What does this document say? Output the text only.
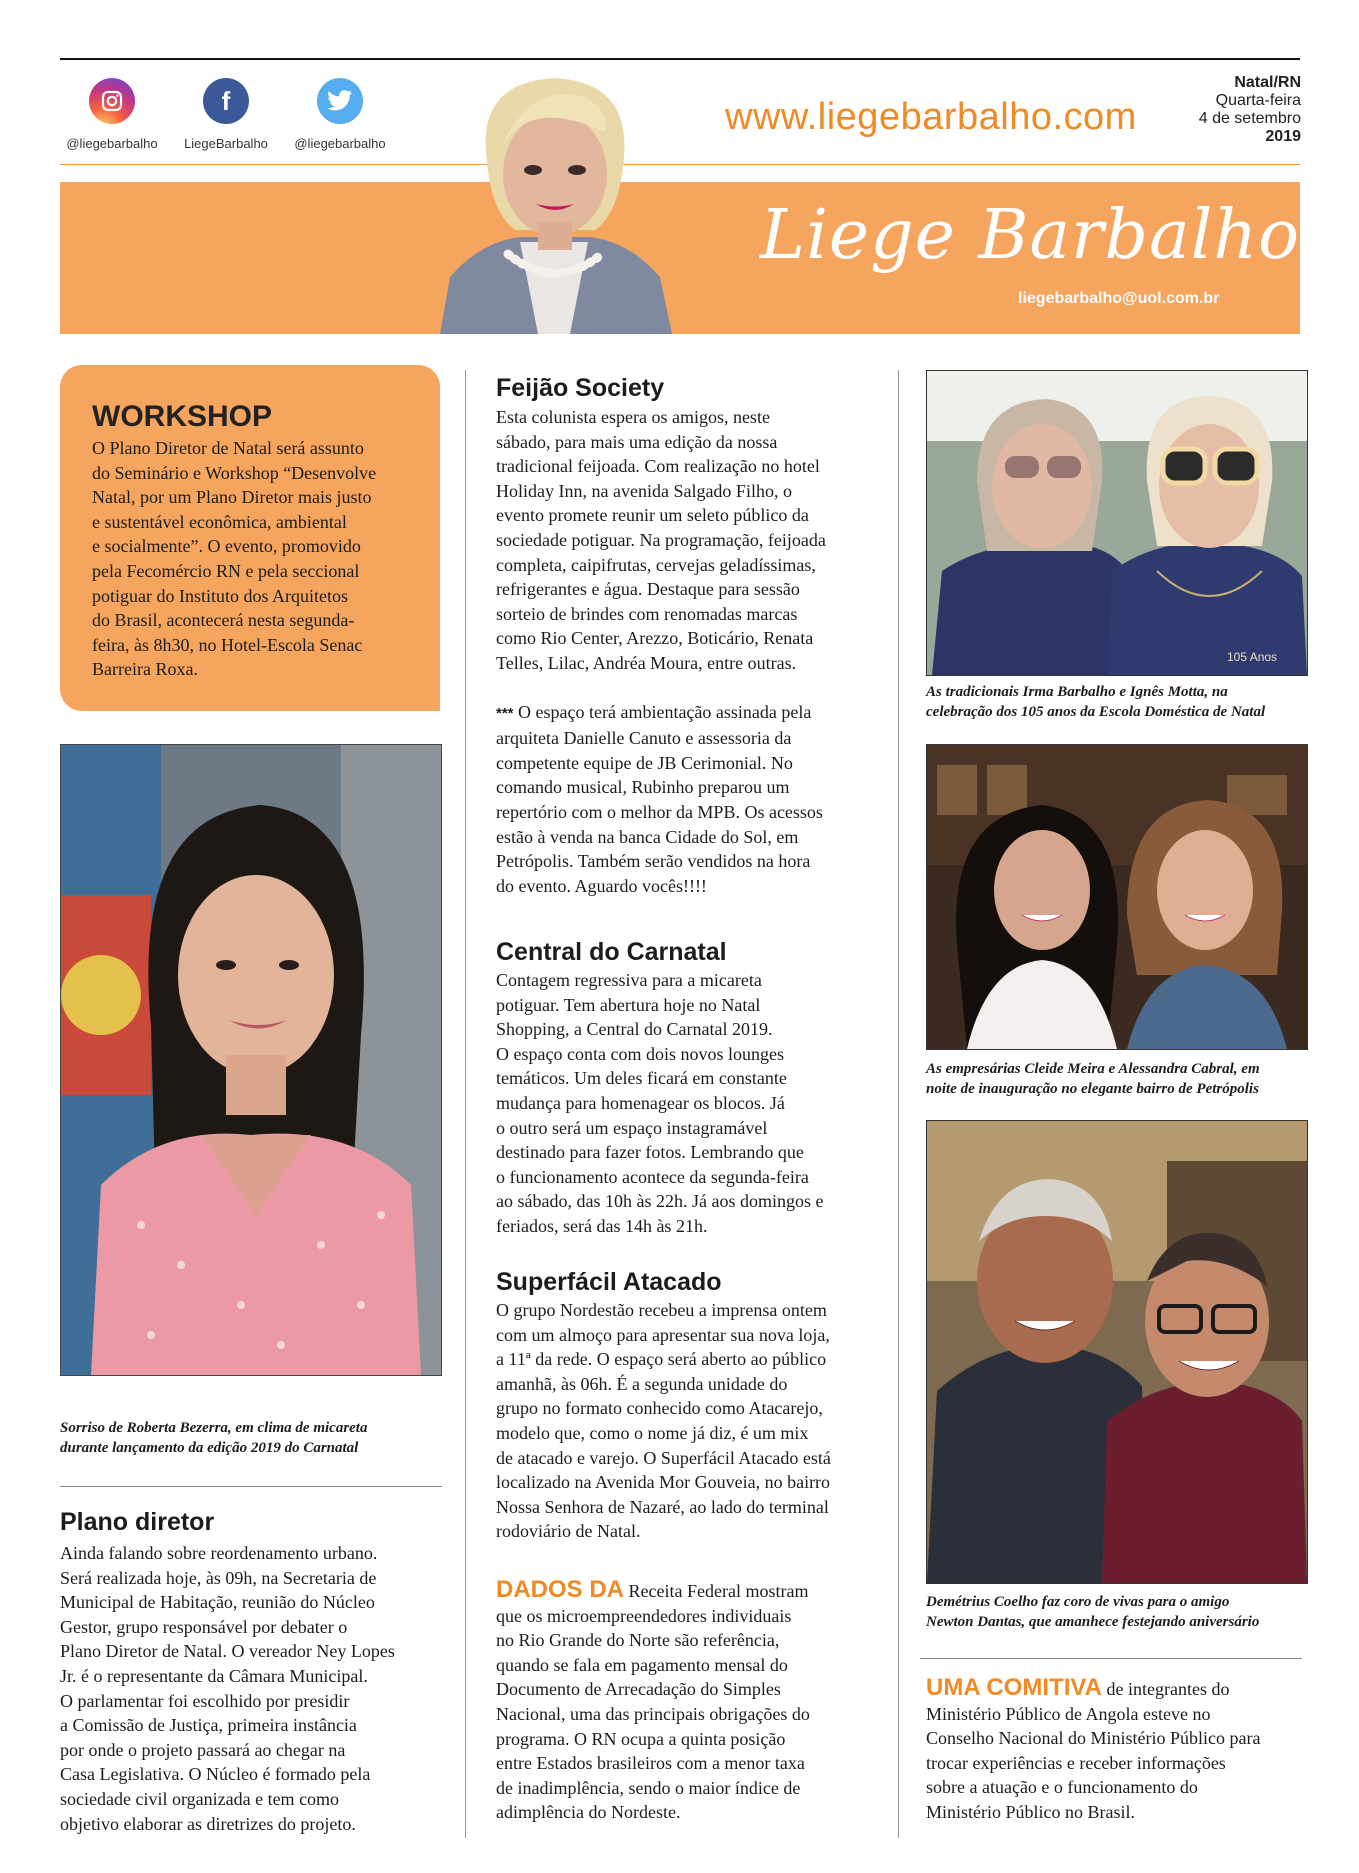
@liegebarbalho
f
LiegeBarbalho	@liegebarbalho
www.liegebarbalho.com
Natal/RN
Quarta-feira
4 de setembro
2019
Liege Barbalho
liegebarbalho@uol.com.br
WORKSHOP
O Plano Diretor de Natal será assunto
do Seminário e Workshop “Desenvolve
Natal, por um Plano Diretor mais justo
e sustentável econômica, ambiental
e socialmente”. O evento, promovido
pela Fecomércio RN e pela seccional
potiguar do Instituto dos Arquitetos
do Brasil, acontecerá nesta segunda-
feira, às 8h30, no Hotel-Escola Senac
Barreira Roxa.
Sorriso de Roberta Bezerra, em clima de micareta
durante lançamento da edição 2019 do Carnatal
Plano diretor
Ainda falando sobre reordenamento urbano.
Será realizada hoje, às 09h, na Secretaria de
Municipal de Habitação, reunião do Núcleo
Gestor, grupo responsável por debater o
Plano Diretor de Natal. O vereador Ney Lopes
Jr. é o representante da Câmara Municipal.
O parlamentar foi escolhido por presidir
a Comissão de Justiça, primeira instância
por onde o projeto passará ao chegar na
Casa Legislativa. O Núcleo é formado pela
sociedade civil organizada e tem como
objetivo elaborar as diretrizes do projeto.
Feijão Society
Esta colunista espera os amigos, neste
sábado, para mais uma edição da nossa
tradicional feijoada. Com realização no hotel
Holiday Inn, na avenida Salgado Filho, o
evento promete reunir um seleto público da
sociedade potiguar. Na programação, feijoada
completa, caipifrutas, cervejas geladíssimas,
refrigerantes e água. Destaque para sessão
sorteio de brindes com renomadas marcas
como Rio Center, Arezzo, Boticário, Renata
Telles, Lilac, Andréa Moura, entre outras.
*** O espaço terá ambientação assinada pela
arquiteta Danielle Canuto e assessoria da
competente equipe de JB Cerimonial. No
comando musical, Rubinho preparou um
repertório com o melhor da MPB. Os acessos
estão à venda na banca Cidade do Sol, em
Petrópolis. Também serão vendidos na hora
do evento. Aguardo vocês!!!!
Central do Carnatal
Contagem regressiva para a micareta
potiguar. Tem abertura hoje no Natal
Shopping, a Central do Carnatal 2019.
O espaço conta com dois novos lounges
temáticos. Um deles ficará em constante
mudança para homenagear os blocos. Já
o outro será um espaço instagramável
destinado para fazer fotos. Lembrando que
o funcionamento acontece da segunda-feira
ao sábado, das 10h às 22h. Já aos domingos e
feriados, será das 14h às 21h.
Superfácil Atacado
O grupo Nordestão recebeu a imprensa ontem
com um almoço para apresentar sua nova loja,
a 11ª da rede. O espaço será aberto ao público
amanhã, às 06h. É a segunda unidade do
grupo no formato conhecido como Atacarejo,
modelo que, como o nome já diz, é um mix
de atacado e varejo. O Superfácil Atacado está
localizado na Avenida Mor Gouveia, no bairro
Nossa Senhora de Nazaré, ao lado do terminal
rodoviário de Natal.
DADOS DA Receita Federal mostram
que os microempreendedores individuais
no Rio Grande do Norte são referência,
quando se fala em pagamento mensal do
Documento de Arrecadação do Simples
Nacional, uma das principais obrigações do
programa. O RN ocupa a quinta posição
entre Estados brasileiros com a menor taxa
de inadimplência, sendo o maior índice de
adimplência do Nordeste.
105 Anos
As tradicionais Irma Barbalho e Ignês Motta, na
celebração dos 105 anos da Escola Doméstica de Natal
As empresárias Cleide Meira e Alessandra Cabral, em
noite de inauguração no elegante bairro de Petrópolis
Demétrius Coelho faz coro de vivas para o amigo
Newton Dantas, que amanhece festejando aniversário
UMA COMITIVA de integrantes do
Ministério Público de Angola esteve no
Conselho Nacional do Ministério Público para
trocar experiências e receber informações
sobre a atuação e o funcionamento do
Ministério Público no Brasil.
